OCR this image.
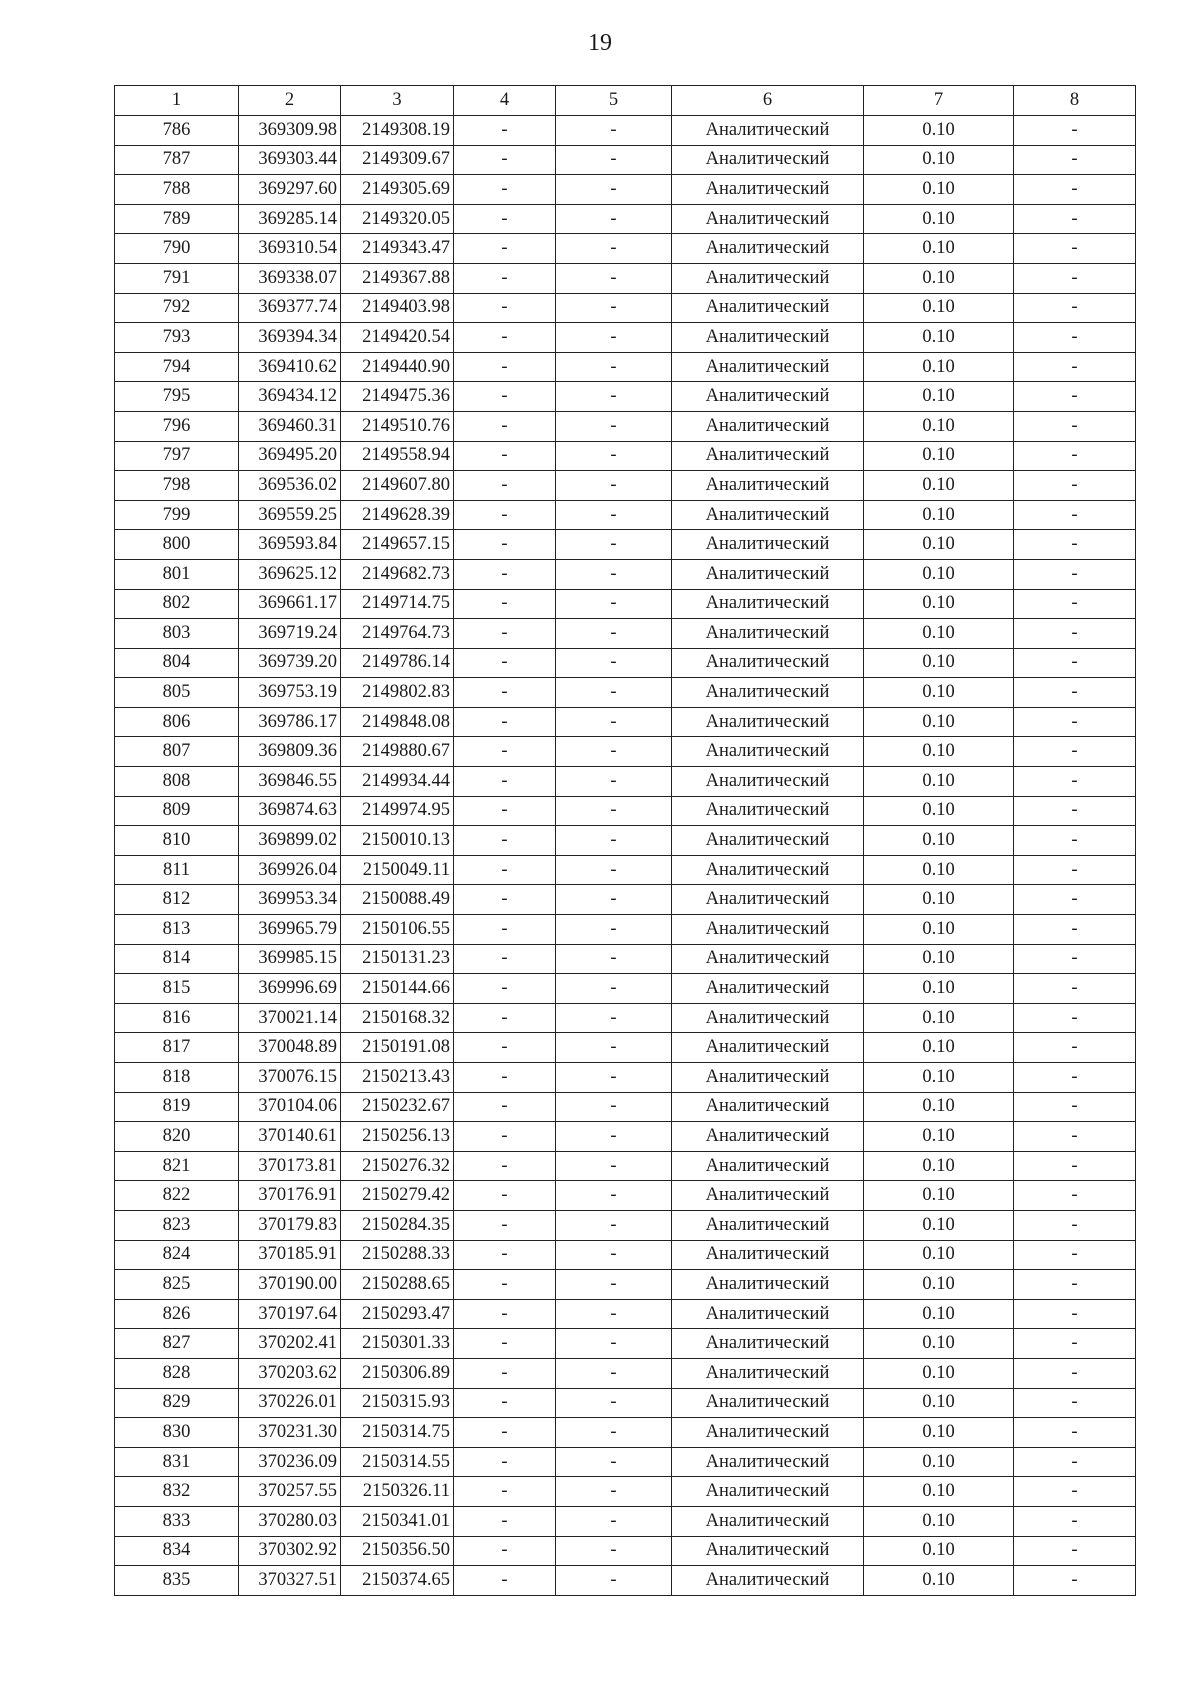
19
1	2	3	4	5	6	7	8
786	369309.98	2149308.19	-	-	Аналитический	0.10	-
787	369303.44	2149309.67	-	-	Аналитический	0.10	-
788	369297.60	2149305.69	-	-	Аналитический	0.10	-
789	369285.14	2149320.05	-	-	Аналитический	0.10	-
790	369310.54	2149343.47	-	-	Аналитический	0.10	-
791	369338.07	2149367.88	-	-	Аналитический	0.10	-
792	369377.74	2149403.98	-	-	Аналитический	0.10	-
793	369394.34	2149420.54	-	-	Аналитический	0.10	-
794	369410.62	2149440.90	-	-	Аналитический	0.10	-
795	369434.12	2149475.36	-	-	Аналитический	0.10	-
796	369460.31	2149510.76	-	-	Аналитический	0.10	-
797	369495.20	2149558.94	-	-	Аналитический	0.10	-
798	369536.02	2149607.80	-	-	Аналитический	0.10	-
799	369559.25	2149628.39	-	-	Аналитический	0.10	-
800	369593.84	2149657.15	-	-	Аналитический	0.10	-
801	369625.12	2149682.73	-	-	Аналитический	0.10	-
802	369661.17	2149714.75	-	-	Аналитический	0.10	-
803	369719.24	2149764.73	-	-	Аналитический	0.10	-
804	369739.20	2149786.14	-	-	Аналитический	0.10	-
805	369753.19	2149802.83	-	-	Аналитический	0.10	-
806	369786.17	2149848.08	-	-	Аналитический	0.10	-
807	369809.36	2149880.67	-	-	Аналитический	0.10	-
808	369846.55	2149934.44	-	-	Аналитический	0.10	-
809	369874.63	2149974.95	-	-	Аналитический	0.10	-
810	369899.02	2150010.13	-	-	Аналитический	0.10	-
811	369926.04	2150049.11	-	-	Аналитический	0.10	-
812	369953.34	2150088.49	-	-	Аналитический	0.10	-
813	369965.79	2150106.55	-	-	Аналитический	0.10	-
814	369985.15	2150131.23	-	-	Аналитический	0.10	-
815	369996.69	2150144.66	-	-	Аналитический	0.10	-
816	370021.14	2150168.32	-	-	Аналитический	0.10	-
817	370048.89	2150191.08	-	-	Аналитический	0.10	-
818	370076.15	2150213.43	-	-	Аналитический	0.10	-
819	370104.06	2150232.67	-	-	Аналитический	0.10	-
820	370140.61	2150256.13	-	-	Аналитический	0.10	-
821	370173.81	2150276.32	-	-	Аналитический	0.10	-
822	370176.91	2150279.42	-	-	Аналитический	0.10	-
823	370179.83	2150284.35	-	-	Аналитический	0.10	-
824	370185.91	2150288.33	-	-	Аналитический	0.10	-
825	370190.00	2150288.65	-	-	Аналитический	0.10	-
826	370197.64	2150293.47	-	-	Аналитический	0.10	-
827	370202.41	2150301.33	-	-	Аналитический	0.10	-
828	370203.62	2150306.89	-	-	Аналитический	0.10	-
829	370226.01	2150315.93	-	-	Аналитический	0.10	-
830	370231.30	2150314.75	-	-	Аналитический	0.10	-
831	370236.09	2150314.55	-	-	Аналитический	0.10	-
832	370257.55	2150326.11	-	-	Аналитический	0.10	-
833	370280.03	2150341.01	-	-	Аналитический	0.10	-
834	370302.92	2150356.50	-	-	Аналитический	0.10	-
835	370327.51	2150374.65	-	-	Аналитический	0.10	-
